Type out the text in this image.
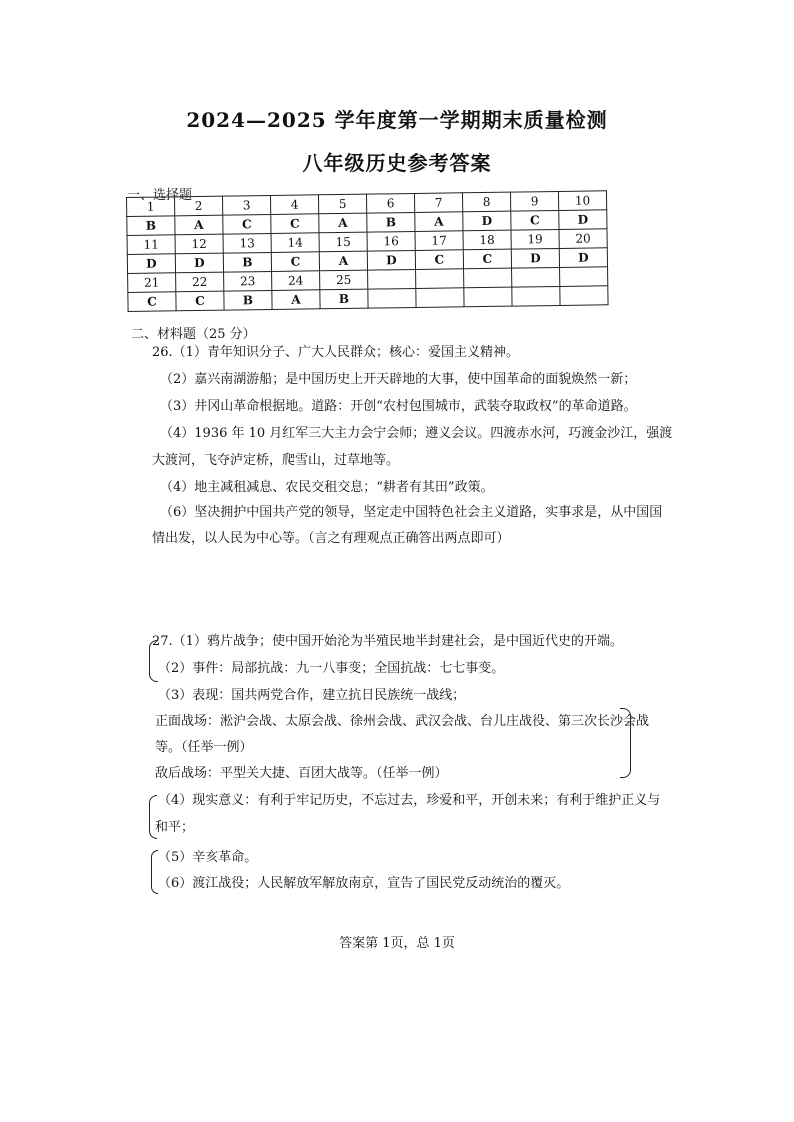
2024—2025 学年度第一学期期末质量检测
八年级历史参考答案
一、选择题
1	2	3	4	5	6	7	8	9	10
B	A	C	C	A	B	A	D	C	D
11	12	13	14	15	16	17	18	19	20
D	D	B	C	A	D	C	C	D	D
21	22	23	24	25					
C	C	B	A	B					
二、材料题（25 分）
26.（1）青年知识分子、广大人民群众；核心：爱国主义精神。
（2）嘉兴南湖游船；是中国历史上开天辟地的大事，使中国革命的面貌焕然一新；
（3）井冈山革命根据地。道路：开创“农村包围城市，武装夺取政权”的革命道路。
（4）1936 年 10 月红军三大主力会宁会师；遵义会议。四渡赤水河，巧渡金沙江，强渡
大渡河，飞夺泸定桥，爬雪山，过草地等。
（4）地主减租减息、农民交租交息；“耕者有其田”政策。
（6）坚决拥护中国共产党的领导，坚定走中国特色社会主义道路，实事求是，从中国国
情出发，以人民为中心等。（言之有理观点正确答出两点即可）
27.（1）鸦片战争；使中国开始沦为半殖民地半封建社会，是中国近代史的开端。
（2）事件：局部抗战：九一八事变；全国抗战：七七事变。
（3）表现：国共两党合作，建立抗日民族统一战线；
正面战场：淞沪会战、太原会战、徐州会战、武汉会战、台儿庄战役、第三次长沙会战
等。（任举一例）
敌后战场：平型关大捷、百团大战等。（任举一例）
（4）现实意义：有利于牢记历史，不忘过去，珍爱和平，开创未来；有利于维护正义与
和平；
（5）辛亥革命。
（6）渡江战役；人民解放军解放南京，宣告了国民党反动统治的覆灭。
答案第 1页，总 1页
